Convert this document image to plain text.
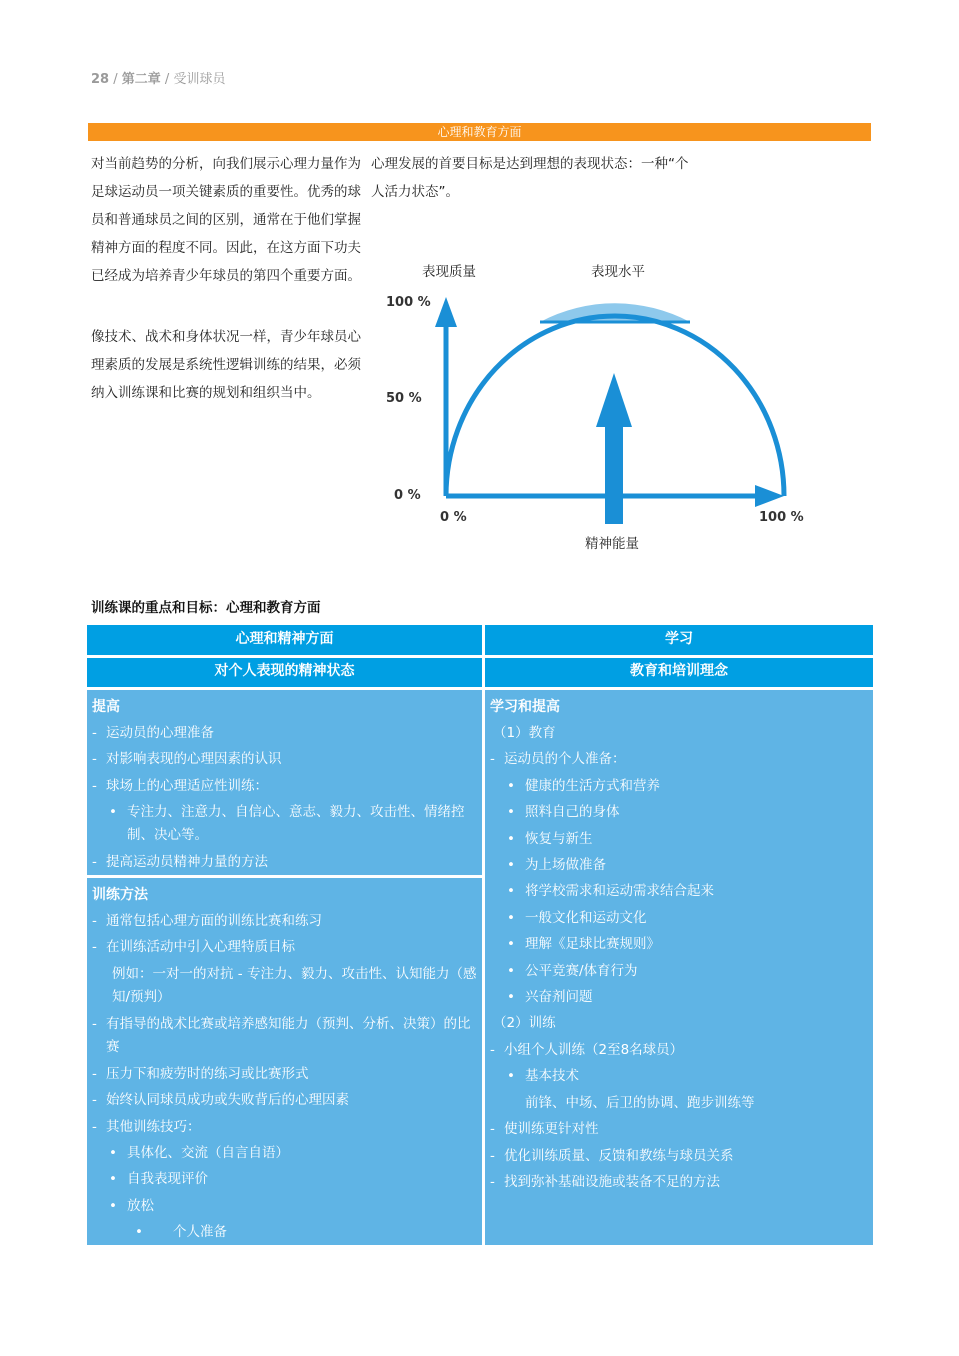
28 / 第二章 / 受训球员
心理和教育方面
对当前趋势的分析，向我们展示心理力量作为足球运动员一项关键素质的重要性。优秀的球员和普通球员之间的区别，通常在于他们掌握精神方面的程度不同。因此，在这方面下功夫已经成为培养青少年球员的第四个重要方面。
像技术、战术和身体状况一样，青少年球员心理素质的发展是系统性逻辑训练的结果，必须纳入训练课和比赛的规划和组织当中。
心理发展的首要目标是达到理想的表现状态：一种“个人活力状态”。
表现质量	表现水平
100 %
50 %
0 %
0 %	100 %
精神能量
训练课的重点和目标：心理和教育方面
心理和精神方面	学习
对个人表现的精神状态	教育和培训理念
提高
- 运动员的心理准备
- 对影响表现的心理因素的认识
- 球场上的心理适应性训练：
• 专注力、注意力、自信心、意志、毅力、攻击性、情绪控制、决心等。
- 提高运动员精神力量的方法
训练方法
- 通常包括心理方面的训练比赛和练习
- 在训练活动中引入心理特质目标
例如：一对一的对抗 - 专注力、毅力、攻击性、认知能力（感知/预判）
- 有指导的战术比赛或培养感知能力（预判、分析、决策）的比赛
- 压力下和疲劳时的练习或比赛形式
- 始终认同球员成功或失败背后的心理因素
- 其他训练技巧：
• 具体化、交流（自言自语）
• 自我表现评价
• 放松
• 个人准备
学习和提高
（1）教育
- 运动员的个人准备：
• 健康的生活方式和营养
• 照料自己的身体
• 恢复与新生
• 为上场做准备
• 将学校需求和运动需求结合起来
• 一般文化和运动文化
• 理解《足球比赛规则》
• 公平竞赛/体育行为
• 兴奋剂问题
（2）训练
- 小组个人训练（2至8名球员）
• 基本技术
前锋、中场、后卫的协调、跑步训练等
- 使训练更针对性
- 优化训练质量、反馈和教练与球员关系
- 找到弥补基础设施或装备不足的方法
